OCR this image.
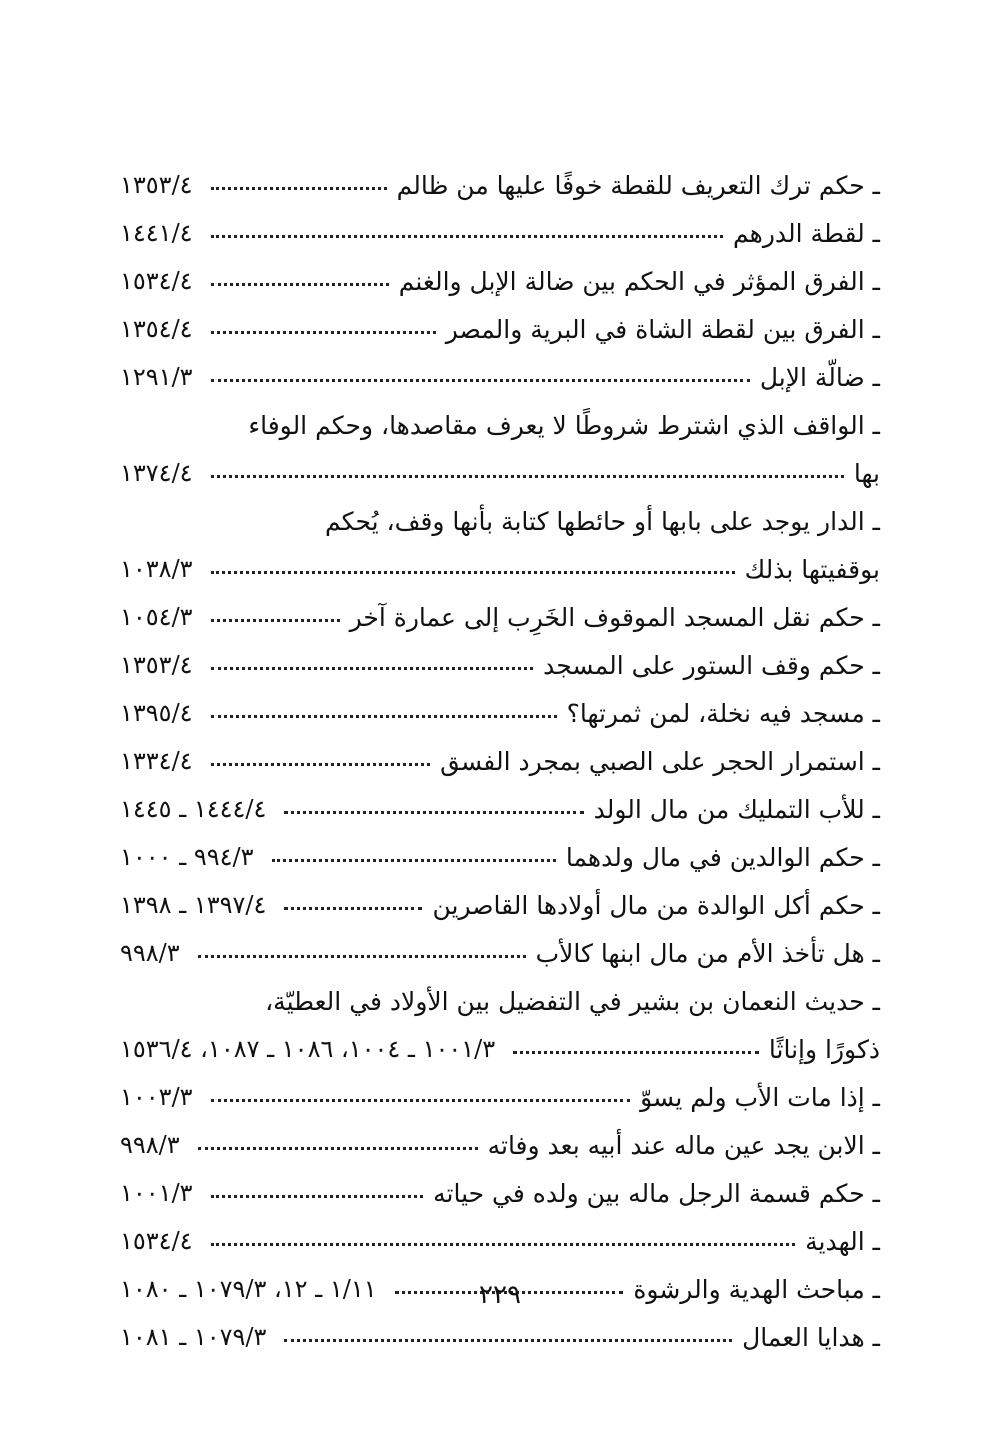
ـ حكم ترك التعريف للقطة خوفًا عليها من ظالم
١٣٥٣/٤
ـ لقطة الدرهم
١٤٤١/٤
ـ الفرق المؤثر في الحكم بين ضالة الإبل والغنم
١٥٣٤/٤
ـ الفرق بين لقطة الشاة في البرية والمصر
١٣٥٤/٤
ـ ضالّة الإبل
١٢٩١/٣
ـ الواقف الذي اشترط شروطًا لا يعرف مقاصدها، وحكم الوفاء
بها
١٣٧٤/٤
ـ الدار يوجد على بابها أو حائطها كتابة بأنها وقف، يُحكم
بوقفيتها بذلك
١٠٣٨/٣
ـ حكم نقل المسجد الموقوف الخَرِب إلى عمارة آخر
١٠٥٤/٣
ـ حكم وقف الستور على المسجد
١٣٥٣/٤
ـ مسجد فيه نخلة، لمن ثمرتها؟
١٣٩٥/٤
ـ استمرار الحجر على الصبي بمجرد الفسق
١٣٣٤/٤
ـ للأب التمليك من مال الولد
١٤٤٤/٤ ـ ١٤٤٥
ـ حكم الوالدين في مال ولدهما
٩٩٤/٣ ـ ١٠٠٠
ـ حكم أكل الوالدة من مال أولادها القاصرين
١٣٩٧/٤ ـ ١٣٩٨
ـ هل تأخذ الأم من مال ابنها كالأب
٩٩٨/٣
ـ حديث النعمان بن بشير في التفضيل بين الأولاد في العطيّة،
ذكورًا وإناثًا
١٠٠١/٣ ـ ١٠٠٤، ١٠٨٦ ـ ١٠٨٧، ١٥٣٦/٤
ـ إذا مات الأب ولم يسوّ
١٠٠٣/٣
ـ الابن يجد عين ماله عند أبيه بعد وفاته
٩٩٨/٣
ـ حكم قسمة الرجل ماله بين ولده في حياته
١٠٠١/٣
ـ الهدية
١٥٣٤/٤
ـ مباحث الهدية والرشوة
١/١١ ـ ١٢، ١٠٧٩/٣ ـ ١٠٨٠
ـ هدايا العمال
١٠٧٩/٣ ـ ١٠٨١
٢٢٩
